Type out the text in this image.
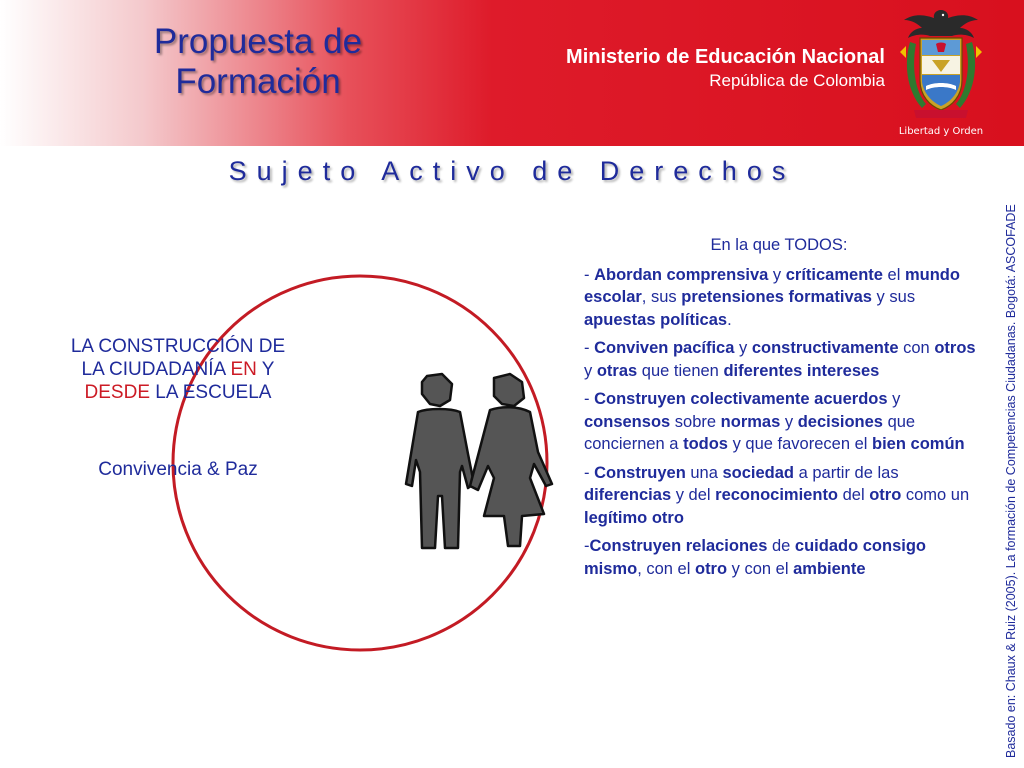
Propuesta de
Formación
Ministerio de Educación Nacional
República de Colombia
Libertad y Orden
Sujeto Activo de Derechos
LA CONSTRUCCIÓN DE
LA CIUDADANÍA EN Y
DESDE LA ESCUELA
Convivencia & Paz
En la que TODOS:
- Abordan comprensiva y críticamente el mundo escolar, sus pretensiones formativas y sus apuestas políticas.
- Conviven pacífica y constructivamente con otros y otras que tienen diferentes intereses
- Construyen colectivamente acuerdos y consensos sobre normas y decisiones que conciernen a todos y que favorecen el bien común
- Construyen una sociedad a partir de las diferencias y del reconocimiento del otro como un legítimo otro
-Construyen relaciones de cuidado consigo mismo, con el otro y con el ambiente	Basado en: Chaux & Ruiz (2005). La formación de Competencias Ciudadanas. Bogotá: ASCOFADE
